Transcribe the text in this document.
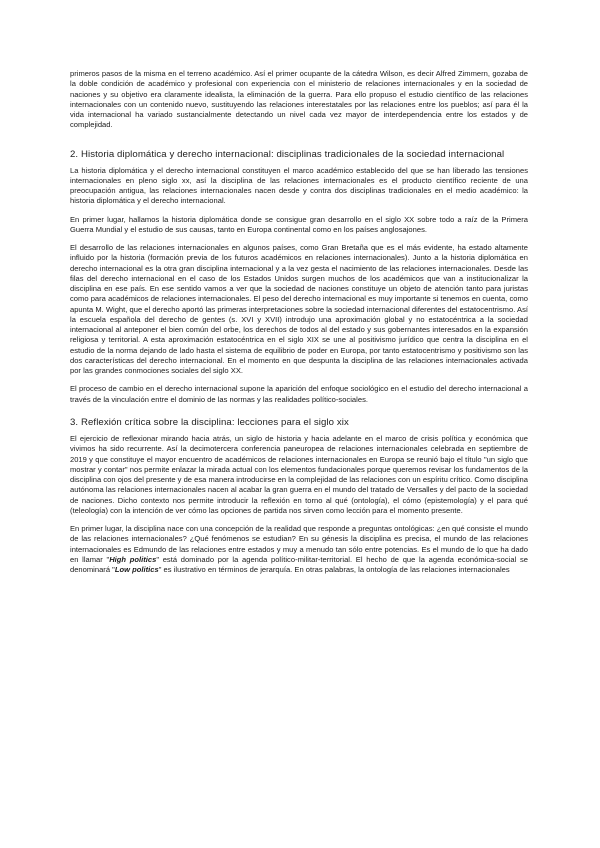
primeros pasos de la misma en el terreno académico. Así el primer ocupante de la cátedra Wilson, es decir Alfred Zimmern, gozaba de la doble condición de académico y profesional con experiencia con el ministerio de relaciones internacionales y en la sociedad de naciones y su objetivo era claramente idealista, la eliminación de la guerra. Para ello propuso el estudio científico de las relaciones internacionales con un contenido nuevo, sustituyendo las relaciones interestatales por las relaciones entre los pueblos; así para él la vida internacional ha variado sustancialmente detectando un nivel cada vez mayor de interdependencia entre los estados y de complejidad.

2. Historia diplomática y derecho internacional: disciplinas tradicionales de la sociedad internacional

La historia diplomática y el derecho internacional constituyen el marco académico establecido del que se han liberado las tensiones internacionales en pleno siglo xx, así la disciplina de las relaciones internacionales es el producto científico reciente de una preocupación antigua, las relaciones internacionales nacen desde y contra dos disciplinas tradicionales en el medio académico: la historia diplomática y el derecho internacional.

En primer lugar, hallamos la historia diplomática donde se consigue gran desarrollo en el siglo XX sobre todo a raíz de la Primera Guerra Mundial y el estudio de sus causas, tanto en Europa continental como en los países anglosajones.

El desarrollo de las relaciones internacionales en algunos países, como Gran Bretaña que es el más evidente, ha estado altamente influido por la historia (formación previa de los futuros académicos en relaciones internacionales). Junto a la historia diplomática en derecho internacional es la otra gran disciplina internacional y a la vez gesta el nacimiento de las relaciones internacionales. Desde las filas del derecho internacional en el caso de los Estados Unidos surgen muchos de los académicos que van a institucionalizar la disciplina en ese país. En ese sentido vamos a ver que la sociedad de naciones constituye un objeto de atención tanto para juristas como para académicos de relaciones internacionales. El peso del derecho internacional es muy importante si tenemos en cuenta, como apunta M. Wight, que el derecho aportó las primeras interpretaciones sobre la sociedad internacional diferentes del estatocentrismo. Así la escuela española del derecho de gentes (s. XVI y XVII) introdujo una aproximación global y no estatocéntrica a la sociedad internacional al anteponer el bien común del orbe, los derechos de todos al del estado y sus gobernantes interesados en la expansión religiosa y territorial. A esta aproximación estatocéntrica en el siglo XIX se une al positivismo jurídico que centra la disciplina en el estudio de la norma dejando de lado hasta el sistema de equilibrio de poder en Europa, por tanto estatocentrismo y positivismo son las dos características del derecho internacional. En el momento en que despunta la disciplina de las relaciones internacionales activada por las grandes conmociones sociales del siglo XX.

El proceso de cambio en el derecho internacional supone la aparición del enfoque sociológico en el estudio del derecho internacional a través de la vinculación entre el dominio de las normas y las realidades político-sociales.

3. Reflexión crítica sobre la disciplina: lecciones para el siglo xix

El ejercicio de reflexionar mirando hacia atrás, un siglo de historia y hacia adelante en el marco de crisis política y económica que vivimos ha sido recurrente. Así la decimotercera conferencia paneuropea de relaciones internacionales celebrada en septiembre de 2019 y que constituye el mayor encuentro de académicos de relaciones internacionales en Europa se reunió bajo el título "un siglo que mostrar y contar" nos permite enlazar la mirada actual con los elementos fundacionales porque queremos revisar los fundamentos de la disciplina con ojos del presente y de esa manera introducirse en la complejidad de las relaciones con un espíritu crítico. Como disciplina autónoma las relaciones internacionales nacen al acabar la gran guerra en el mundo del tratado de Versalles y del pacto de la sociedad de naciones. Dicho contexto nos permite introducir la reflexión en torno al qué (ontología), el cómo (epistemología) y el para qué (teleología) con la intención de ver cómo las opciones de partida nos sirven como lección para el momento presente.

En primer lugar, la disciplina nace con una concepción de la realidad que responde a preguntas ontológicas: ¿en qué consiste el mundo de las relaciones internacionales? ¿Qué fenómenos se estudian? En su génesis la disciplina es precisa, el mundo de las relaciones internacionales es Edmundo de las relaciones entre estados y muy a menudo tan sólo entre potencias. Es el mundo de lo que ha dado en llamar "High politics" está dominado por la agenda político-militar-territorial. El hecho de que la agenda económica-social se denominará "Low politics" es ilustrativo en términos de jerarquía. En otras palabras, la ontología de las relaciones internacionales
